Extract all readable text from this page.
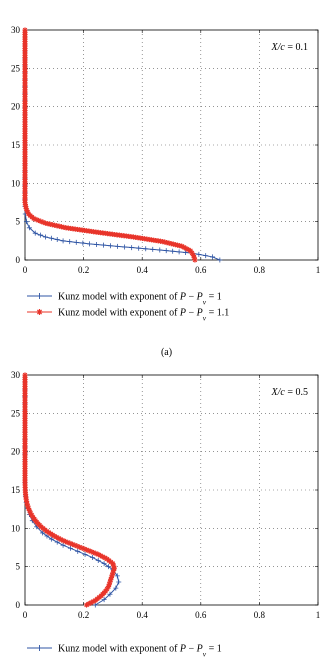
0	0.2	0.4	0.6	0.8	1
0
5
10
15
20
25
30
X/c = 0.1
Kunz model with exponent of $P - P_v = 1$
Kunz model with exponent of $P - P_v = 1.1$
(a)
0	0.2	0.4	0.6	0.8	1
0
5
10
15
20
25
30
X/c = 0.5
Kunz model with exponent of $P - P_v = 1$
